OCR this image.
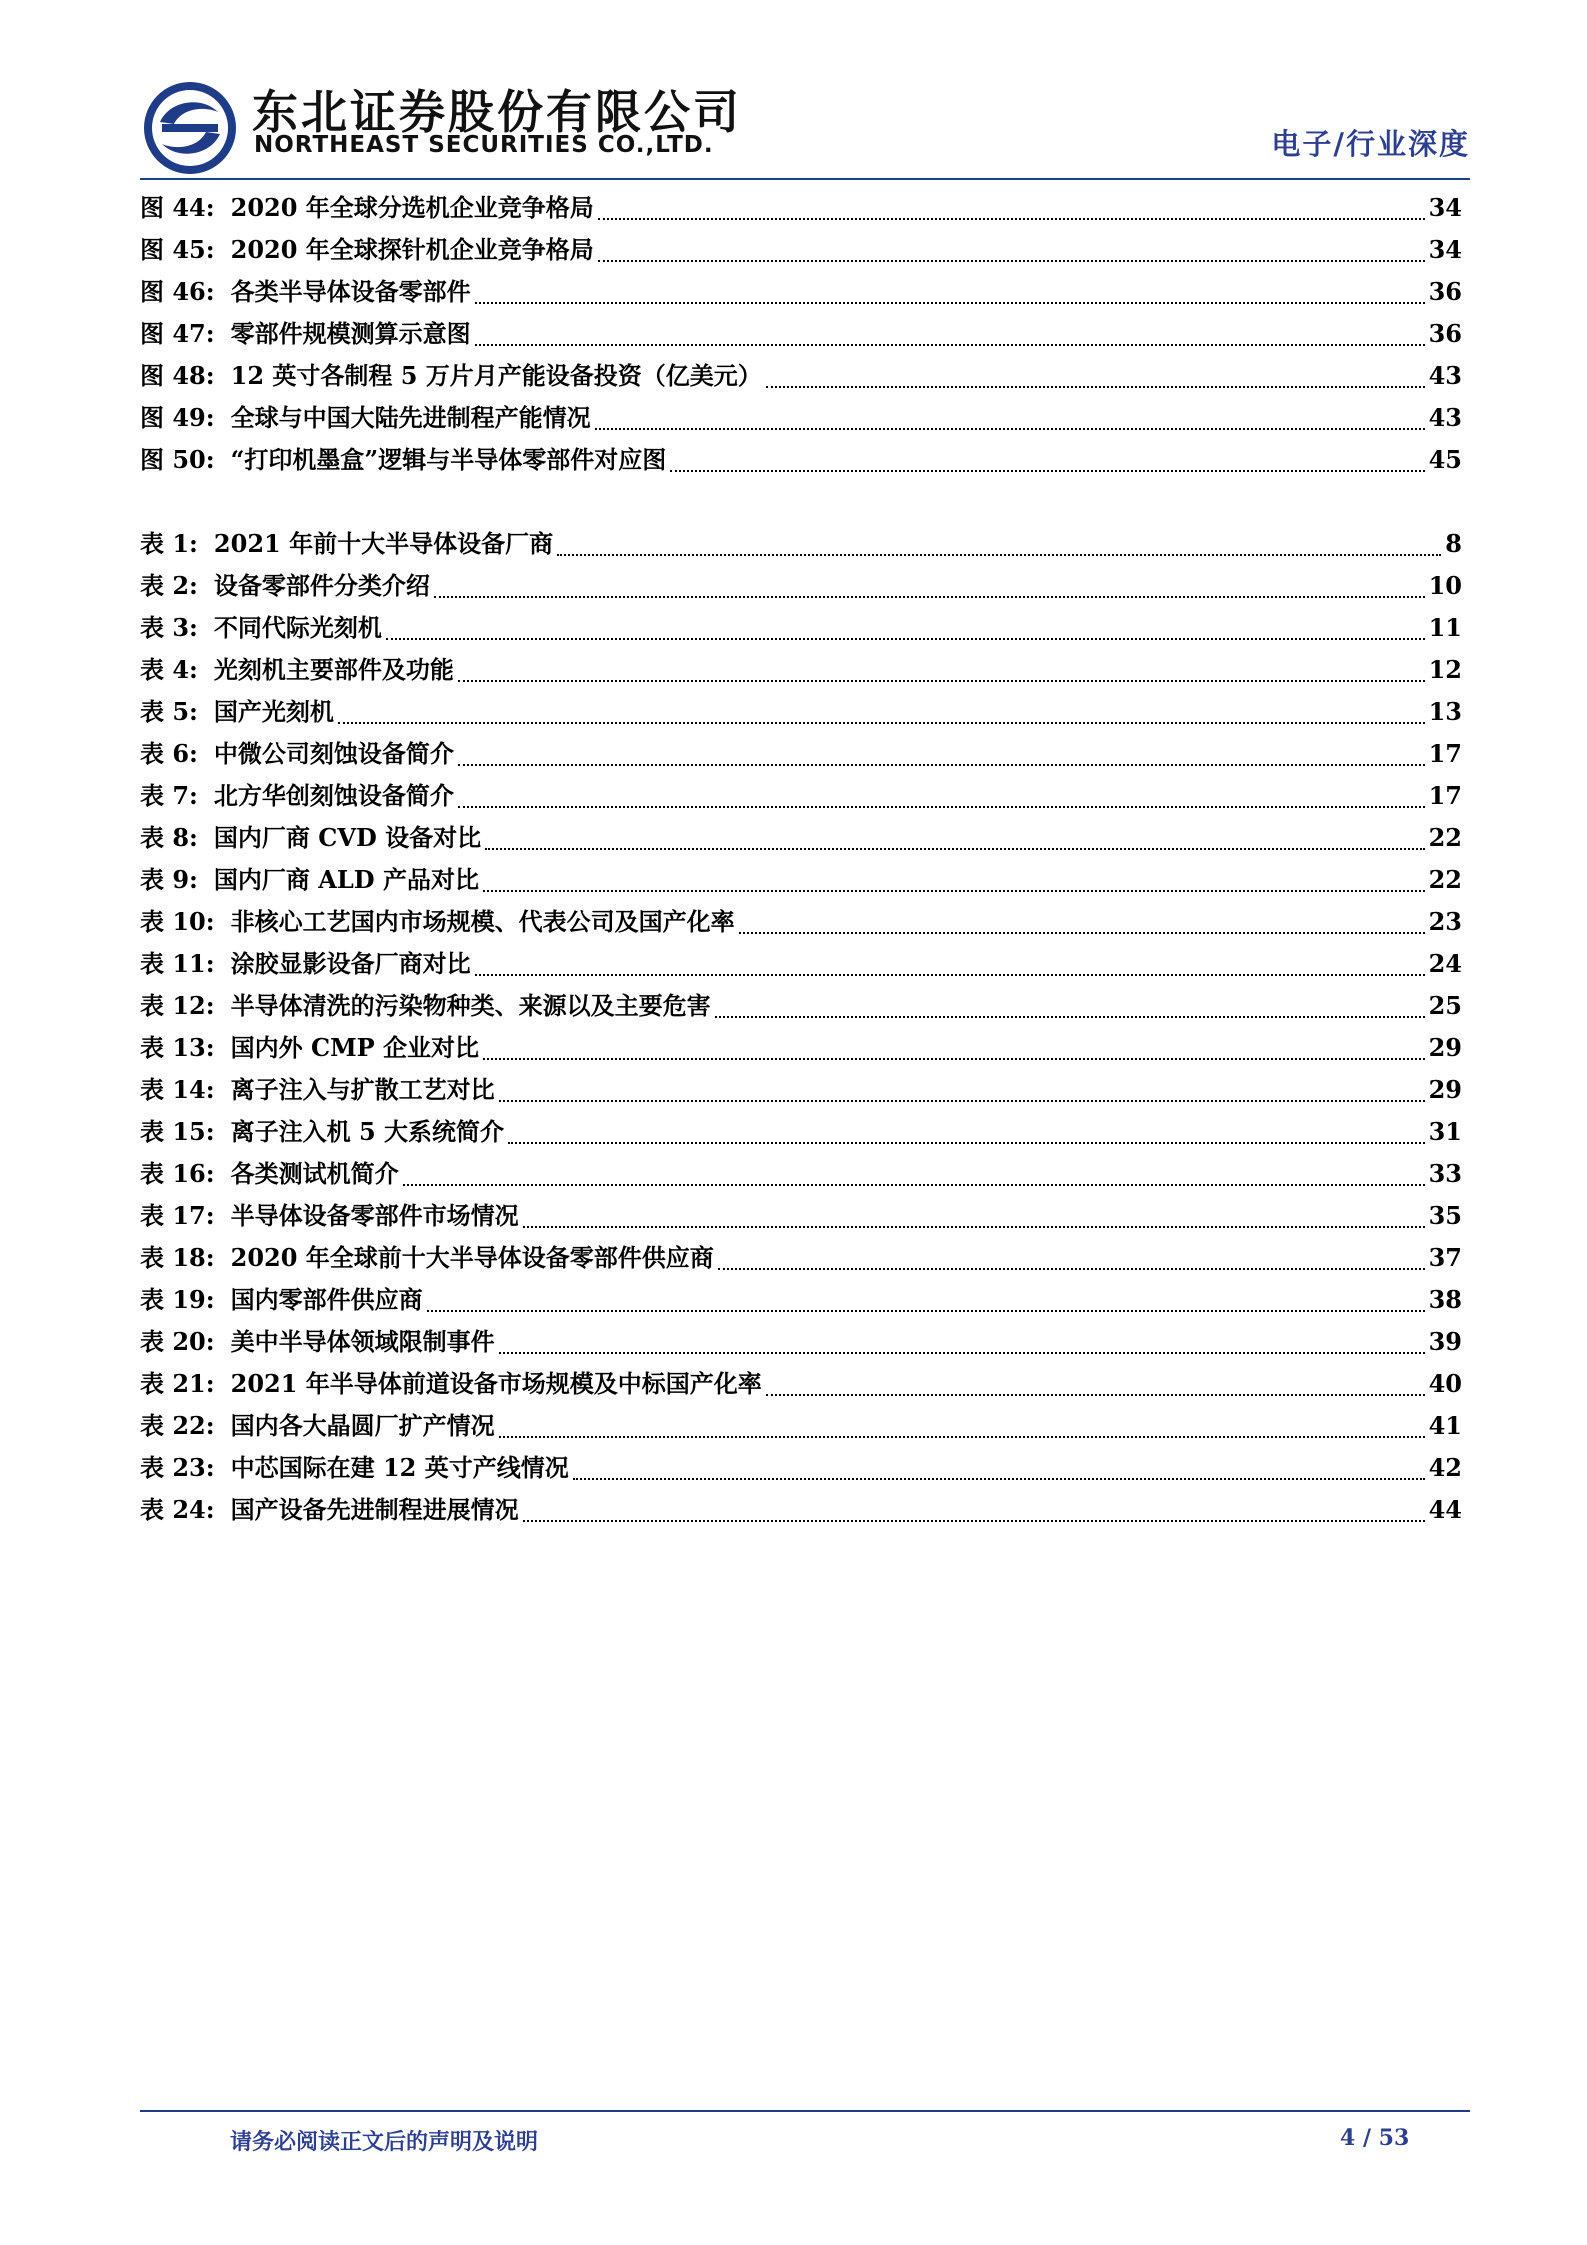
东北证券股份有限公司
NORTHEAST SECURITIES CO.,LTD.	电子/行业深度
图 44: 2020 年全球分选机企业竞争格局	34
图 45: 2020 年全球探针机企业竞争格局	34
图 46: 各类半导体设备零部件	36
图 47: 零部件规模测算示意图	36
图 48: 12 英寸各制程 5 万片月产能设备投资（亿美元）	43
图 49: 全球与中国大陆先进制程产能情况	43
图 50: “打印机墨盒”逻辑与半导体零部件对应图	45
表 1: 2021 年前十大半导体设备厂商	8
表 2: 设备零部件分类介绍	10
表 3: 不同代际光刻机	11
表 4: 光刻机主要部件及功能	12
表 5: 国产光刻机	13
表 6: 中微公司刻蚀设备简介	17
表 7: 北方华创刻蚀设备简介	17
表 8: 国内厂商 CVD 设备对比	22
表 9: 国内厂商 ALD 产品对比	22
表 10: 非核心工艺国内市场规模、代表公司及国产化率	23
表 11: 涂胶显影设备厂商对比	24
表 12: 半导体清洗的污染物种类、来源以及主要危害	25
表 13: 国内外 CMP 企业对比	29
表 14: 离子注入与扩散工艺对比	29
表 15: 离子注入机 5 大系统简介	31
表 16: 各类测试机简介	33
表 17: 半导体设备零部件市场情况	35
表 18: 2020 年全球前十大半导体设备零部件供应商	37
表 19: 国内零部件供应商	38
表 20: 美中半导体领域限制事件	39
表 21: 2021 年半导体前道设备市场规模及中标国产化率	40
表 22: 国内各大晶圆厂扩产情况	41
表 23: 中芯国际在建 12 英寸产线情况	42
表 24: 国产设备先进制程进展情况	44
请务必阅读正文后的声明及说明	4 / 53
